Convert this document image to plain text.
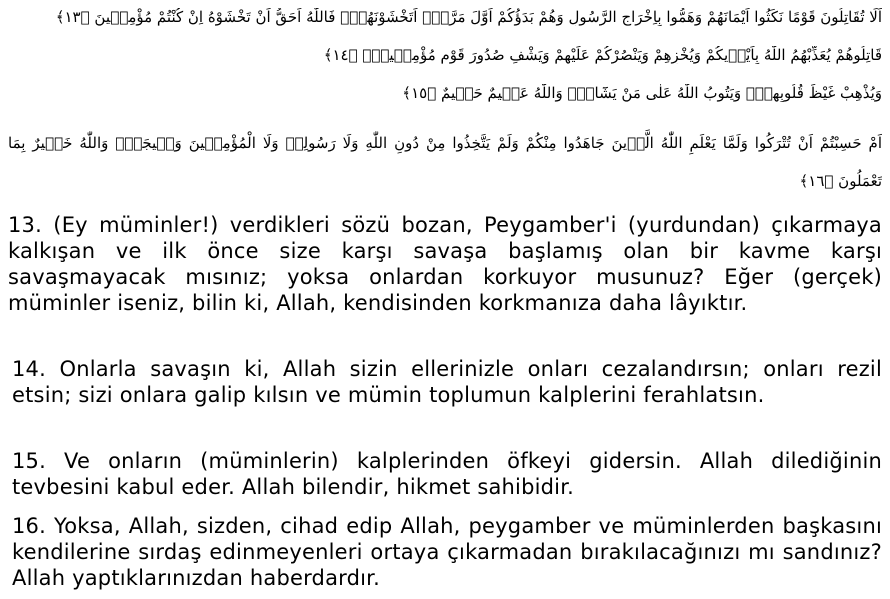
اَلَا تُقَاتِلُونَ قَوْمًا نَكَثُوا اَيْمَانَهُمْ وَهَمُّوا بِاِخْرَاجِ الرَّسُولِ وَهُمْ بَدَؤُكُمْ اَوَّلَ مَرَّةٍۜ اَتَخْشَوْنَهُمْۚ فَاللّٰهُ اَحَقُّ اَنْ تَخْشَوْهُ اِنْ كُنْتُمْ مُؤْمِن۪ينَ ﴿١٣﴾
قَاتِلُوهُمْ يُعَذِّبْهُمُ اللّٰهُ بِاَيْد۪يكُمْ وَيُخْزِهِمْ وَيَنْصُرْكُمْ عَلَيْهِمْ وَيَشْفِ صُدُورَ قَوْمٍ مُؤْمِن۪ينَۙ ﴿١٤﴾
وَيُذْهِبْ غَيْظَ قُلُوبِهِمْۜ وَيَتُوبُ اللّٰهُ عَلٰى مَنْ يَشَٓاءُۜ وَاللّٰهُ عَل۪يمٌ حَك۪يمٌ ﴿١٥﴾
اَمْ حَسِبْتُمْ اَنْ تُتْرَكُوا وَلَمَّا يَعْلَمِ اللّٰهُ الَّذ۪ينَ جَاهَدُوا مِنْكُمْ وَلَمْ يَتَّخِذُوا مِنْ دُونِ اللّٰهِ وَلَا رَسُولِه۪ وَلَا الْمُؤْمِن۪ينَ وَل۪يجَةًۜ وَاللّٰهُ خَب۪يرٌ بِمَا تَعْمَلُونَ ﴿١٦﴾
13. (Ey müminler!) verdikleri sözü bozan, Peygamber'i (yurdundan) çıkarmaya kalkışan ve ilk önce size karşı savaşa başlamış olan bir kavme karşı savaşmayacak mısınız; yoksa onlardan korkuyor musunuz? Eğer (gerçek) müminler iseniz, bilin ki, Allah, kendisinden korkmanıza daha lâyıktır.
14. Onlarla savaşın ki, Allah sizin ellerinizle onları cezalandırsın; onları rezil etsin; sizi onlara galip kılsın ve mümin toplumun kalplerini ferahlatsın.
15. Ve onların (müminlerin) kalplerinden öfkeyi gidersin. Allah dilediğinin tevbesini kabul eder. Allah bilendir, hikmet sahibidir.
16. Yoksa, Allah, sizden, cihad edip Allah, peygamber ve müminlerden başkasını kendilerine sırdaş edinmeyenleri ortaya çıkarmadan bırakılacağınızı mı sandınız? Allah yaptıklarınızdan haberdardır.
